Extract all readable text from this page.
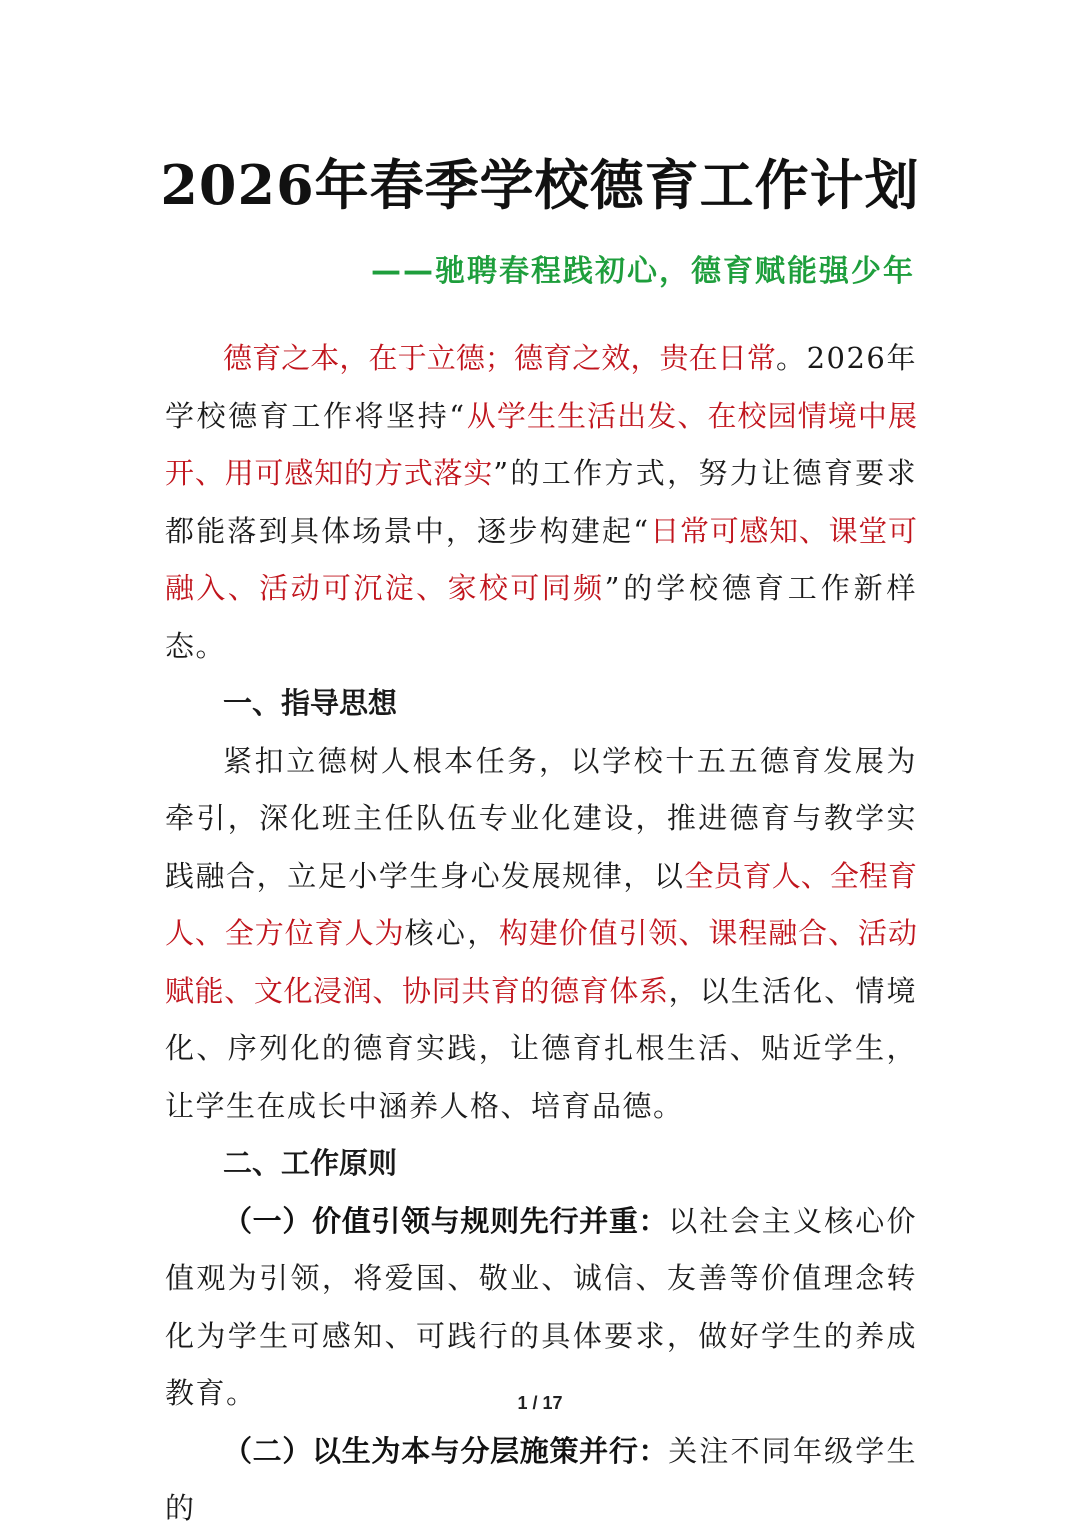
2026年春季学校德育工作计划
——驰聘春程践初心，德育赋能强少年

德育之本，在于立德；德育之效，贵在日常。2026年学校德育工作将坚持“从学生生活出发、在校园情境中展开、用可感知的方式落实”的工作方式，努力让德育要求都能落到具体场景中，逐步构建起“日常可感知、课堂可融入、活动可沉淀、家校可同频”的学校德育工作新样态。

一、指导思想

紧扣立德树人根本任务，以学校十五五德育发展为牵引，深化班主任队伍专业化建设，推进德育与教学实践融合，立足小学生身心发展规律，以全员育人、全程育人、全方位育人为核心，构建价值引领、课程融合、活动赋能、文化浸润、协同共育的德育体系，以生活化、情境化、序列化的德育实践，让德育扎根生活、贴近学生，让学生在成长中涵养人格、培育品德。

二、工作原则

（一）价值引领与规则先行并重：以社会主义核心价值观为引领，将爱国、敬业、诚信、友善等价值理念转化为学生可感知、可践行的具体要求，做好学生的养成教育。

（二）以生为本与分层施策并行：关注不同年级学生的

1 / 17
